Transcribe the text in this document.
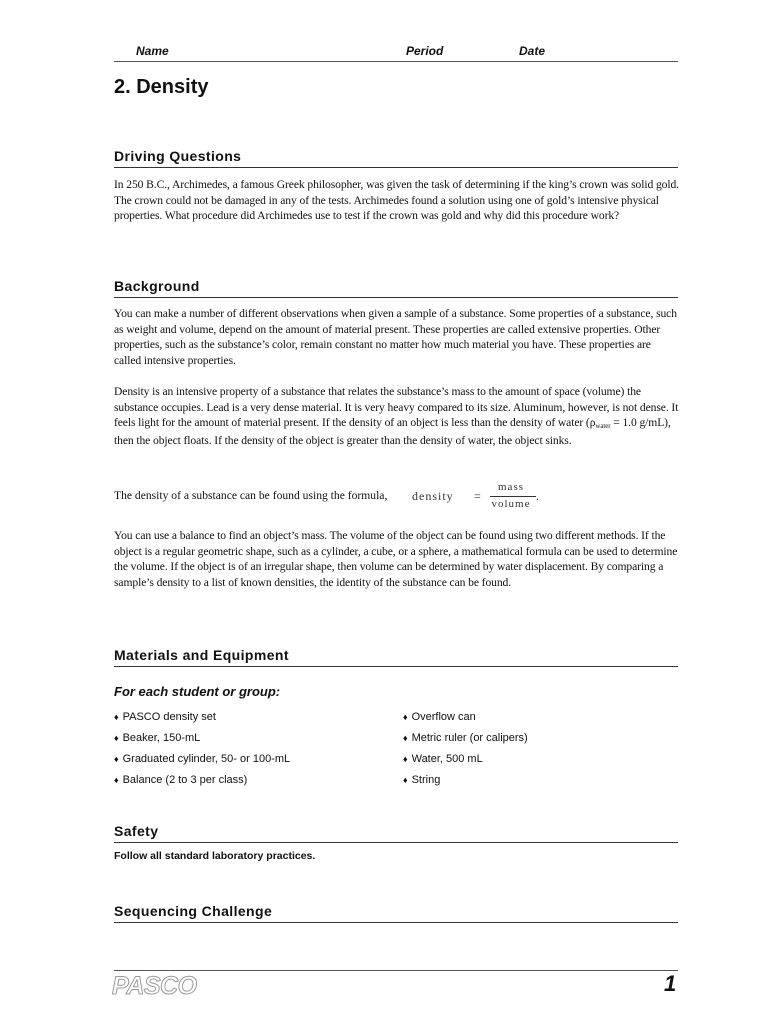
Name	Period	Date
2. Density
Driving Questions

In 250 B.C., Archimedes, a famous Greek philosopher, was given the task of determining if the king’s crown was solid gold. The crown could not be damaged in any of the tests. Archimedes found a solution using one of gold’s intensive physical properties. What procedure did Archimedes use to test if the crown was gold and why did this procedure work?

Background

You can make a number of different observations when given a sample of a substance. Some properties of a substance, such as weight and volume, depend on the amount of material present. These properties are called extensive properties. Other properties, such as the substance’s color, remain constant no matter how much material you have. These properties are called intensive properties.

Density is an intensive property of a substance that relates the substance’s mass to the amount of space (volume) the substance occupies. Lead is a very dense material. It is very heavy compared to its size. Aluminum, however, is not dense. It feels light for the amount of material present. If the density of an object is less than the density of water (ρwater = 1.0 g/mL), then the object floats. If the density of the object is greater than the density of water, the object sinks.

The density of a substance can be found using the formula, density =
mass
volume
.

You can use a balance to find an object’s mass. The volume of the object can be found using two different methods. If the object is a regular geometric shape, such as a cylinder, a cube, or a sphere, a mathematical formula can be used to determine the volume. If the object is of an irregular shape, then volume can be determined by water displacement. By comparing a sample’s density to a list of known densities, the identity of the substance can be found.

Materials and Equipment
For each student or group:
♦ PASCO density set
♦ Beaker, 150-mL
♦ Graduated cylinder, 50- or 100-mL
♦ Balance (2 to 3 per class)
♦ Overflow can
♦ Metric ruler (or calipers)
♦ Water, 500 mL
♦ String
Safety

Follow all standard laboratory practices.

Sequencing Challenge
PASCO	1
